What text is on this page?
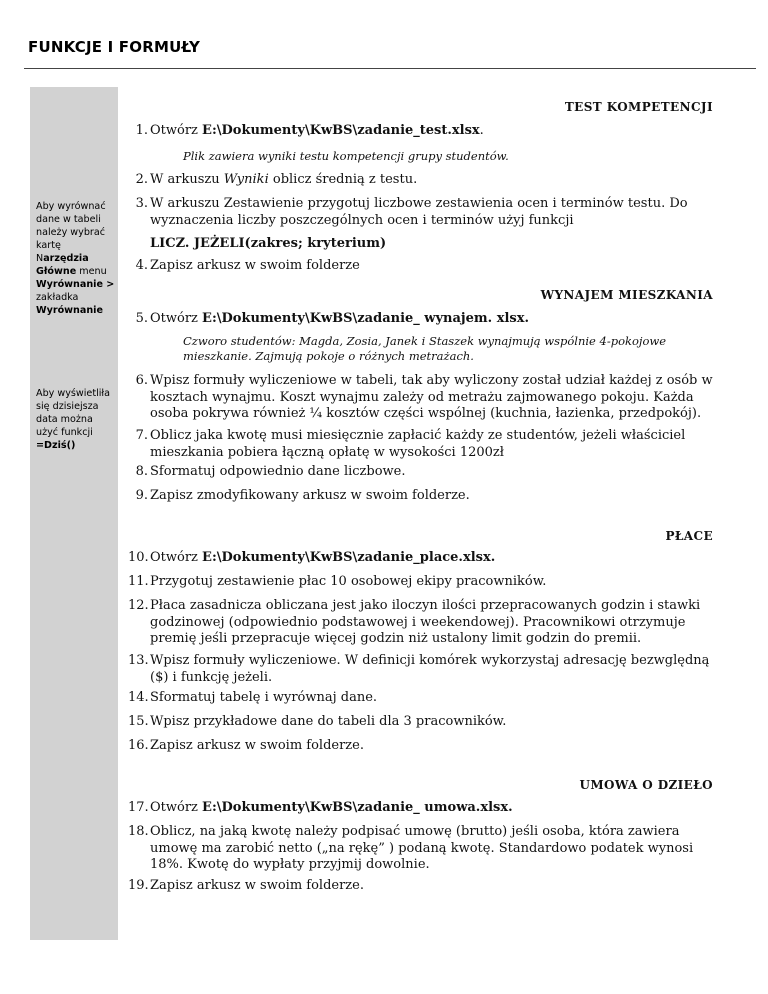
FUNKCJE I FORMUŁY
Aby wyrównać dane w tabeli należy wybrać kartę Narzędzia Główne menu Wyrównanie > zakładka Wyrównanie
Aby wyświetliła się dzisiejsza data można użyć funkcji =Dziś()
TEST KOMPETENCJI
1. Otwórz E:\Dokumenty\KwBS\zadanie_test.xlsx.
Plik zawiera wyniki testu kompetencji grupy studentów.
2. W arkuszu Wyniki oblicz średnią z testu.
3. W arkuszu Zestawienie przygotuj liczbowe zestawienia ocen i terminów testu. Do wyznaczenia liczby poszczególnych ocen i terminów użyj funkcji
LICZ. JEŻELI(zakres; kryterium)
4. Zapisz arkusz w swoim folderze
WYNAJEM MIESZKANIA
5. Otwórz E:\Dokumenty\KwBS\zadanie_ wynajem. xlsx.
Czworo studentów: Magda, Zosia, Janek i Staszek wynajmują wspólnie 4-pokojowe mieszkanie. Zajmują pokoje o różnych metrażach.
6. Wpisz formuły wyliczeniowe w tabeli, tak aby wyliczony został udział każdej z osób w kosztach wynajmu. Koszt wynajmu zależy od metrażu zajmowanego pokoju. Każda osoba pokrywa również ¼ kosztów części wspólnej (kuchnia, łazienka, przedpokój).
7. Oblicz jaka kwotę musi miesięcznie zapłacić każdy ze studentów, jeżeli właściciel mieszkania pobiera łączną opłatę w wysokości 1200zł
8. Sformatuj odpowiednio dane liczbowe.
9. Zapisz zmodyfikowany arkusz w swoim folderze.
PŁACE
10. Otwórz E:\Dokumenty\KwBS\zadanie_place.xlsx.
11. Przygotuj zestawienie płac 10 osobowej ekipy pracowników.
12. Płaca zasadnicza obliczana jest jako iloczyn ilości przepracowanych godzin i stawki godzinowej (odpowiednio podstawowej i weekendowej). Pracownikowi otrzymuje premię jeśli przepracuje więcej godzin niż ustalony limit godzin do premii.
13. Wpisz formuły wyliczeniowe. W definicji komórek wykorzystaj adresację bezwględną ($) i funkcję jeżeli.
14. Sformatuj tabelę i wyrównaj dane.
15. Wpisz przykładowe dane do tabeli dla 3 pracowników.
16. Zapisz arkusz w swoim folderze.
UMOWA O DZIEŁO
17. Otwórz E:\Dokumenty\KwBS\zadanie_ umowa.xlsx.
18. Oblicz, na jaką kwotę należy podpisać umowę (brutto) jeśli osoba, która zawiera umowę ma zarobić netto („na rękę” ) podaną kwotę. Standardowo podatek wynosi 18%. Kwotę do wypłaty przyjmij dowolnie.
19. Zapisz arkusz w swoim folderze.
